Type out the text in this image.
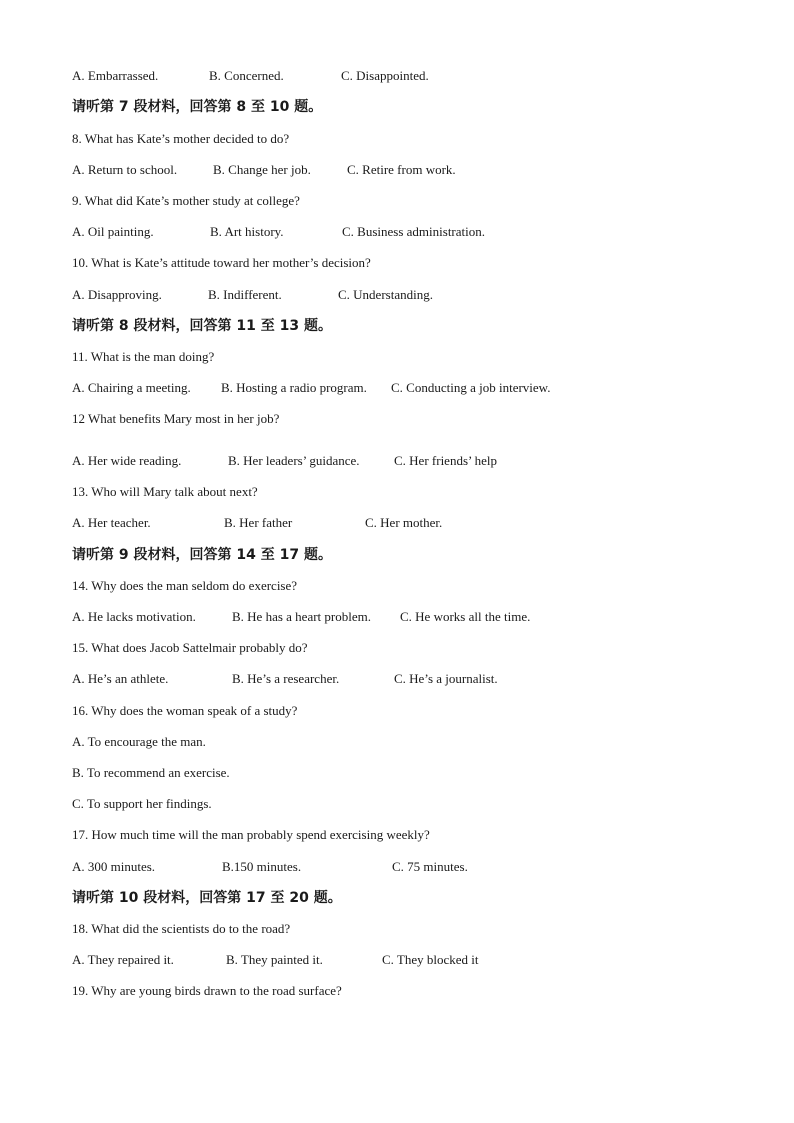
A. Embarrassed.	B. Concerned.	C. Disappointed.
请听第 7 段材料，回答第 8 至 10 题。
8. What has Kate’s mother decided to do?
A. Return to school.	B. Change her job.	C. Retire from work.
9. What did Kate’s mother study at college?
A. Oil painting.	B. Art history.	C. Business administration.
10. What is Kate’s attitude toward her mother’s decision?
A. Disapproving.	B. Indifferent.	C. Understanding.
请听第 8 段材料，回答第 11 至 13 题。
11. What is the man doing?
A. Chairing a meeting. B. Hosting a radio program. C. Conducting a job interview.
12 What benefits Mary most in her job?
A. Her wide reading.	B. Her leaders’ guidance.	C. Her friends’ help
13. Who will Mary talk about next?
A. Her teacher.	B. Her father	C. Her mother.
请听第 9 段材料，回答第 14 至 17 题。
14. Why does the man seldom do exercise?
A. He lacks motivation.	B. He has a heart problem. C. He works all the time.
15. What does Jacob Sattelmair probably do?
A. He’s an athlete.	B. He’s a researcher.	C. He’s a journalist.
16. Why does the woman speak of a study?
A. To encourage the man.
B. To recommend an exercise.
C. To support her findings.
17. How much time will the man probably spend exercising weekly?
A. 300 minutes.	B.150 minutes.	C. 75 minutes.
请听第 10 段材料，回答第 17 至 20 题。
18. What did the scientists do to the road?
A. They repaired it.	B. They painted it.	C. They blocked it
19. Why are young birds drawn to the road surface?
